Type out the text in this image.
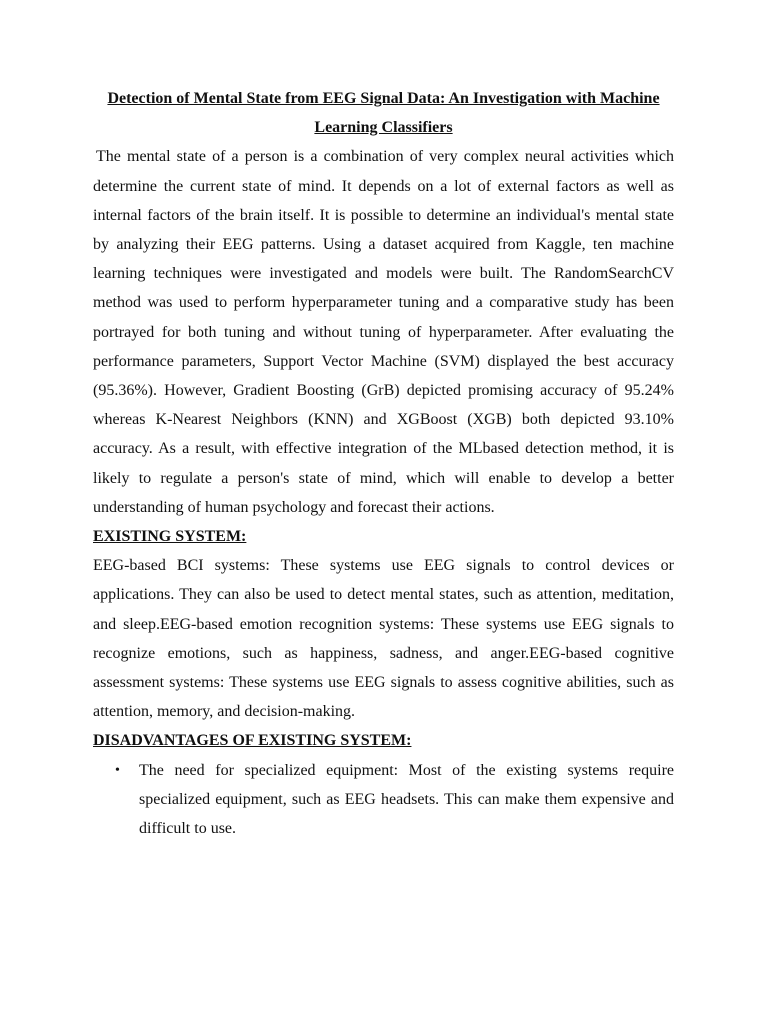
Detection of Mental State from EEG Signal Data: An Investigation with Machine Learning Classifiers

The mental state of a person is a combination of very complex neural activities which determine the current state of mind. It depends on a lot of external factors as well as internal factors of the brain itself. It is possible to determine an individual's mental state by analyzing their EEG patterns. Using a dataset acquired from Kaggle, ten machine learning techniques were investigated and models were built. The RandomSearchCV method was used to perform hyperparameter tuning and a comparative study has been portrayed for both tuning and without tuning of hyperparameter. After evaluating the performance parameters, Support Vector Machine (SVM) displayed the best accuracy (95.36%). However, Gradient Boosting (GrB) depicted promising accuracy of 95.24% whereas K-Nearest Neighbors (KNN) and XGBoost (XGB) both depicted 93.10% accuracy. As a result, with effective integration of the MLbased detection method, it is likely to regulate a person's state of mind, which will enable to develop a better understanding of human psychology and forecast their actions.

EXISTING SYSTEM:

EEG-based BCI systems: These systems use EEG signals to control devices or applications. They can also be used to detect mental states, such as attention, meditation, and sleep.EEG-based emotion recognition systems: These systems use EEG signals to recognize emotions, such as happiness, sadness, and anger.EEG-based cognitive assessment systems: These systems use EEG signals to assess cognitive abilities, such as attention, memory, and decision-making.

DISADVANTAGES OF EXISTING SYSTEM:
• The need for specialized equipment: Most of the existing systems require specialized equipment, such as EEG headsets. This can make them expensive and difficult to use.
